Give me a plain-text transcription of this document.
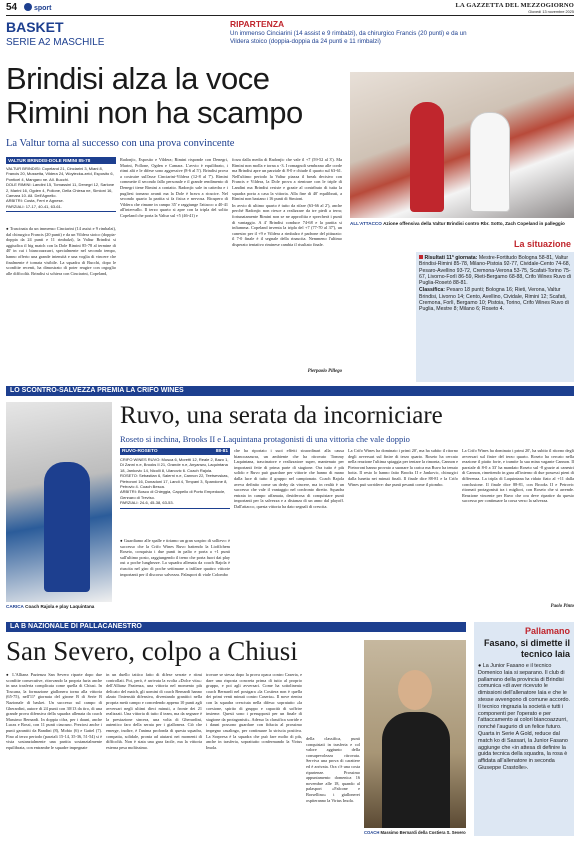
54	sport	LA GAZZETTA DEL MEZZOGIORNO
Giovedì 13 novembre 2025
BASKET
SERIE A2 MASCHILE
RIPARTENZA
Un immenso Cinciarini (14 assist e 9 rimbalzi), da chirurgico Francis (20 punti) e da un Vildera stoico (doppia-doppia da 24 punti e 11 rimbalzi)
Brindisi alza la voce
Rimini non ha scampo
La Valtur torna al successo con una prova convincente
VALTUR BRINDISI-DOLE RIMINI 85-78
VALTUR BRINDISI: Copeland 21, Cinciarini 3, Miani 8, Francis 20, Mussetta, Vildera 24, Woytecka-zeid, Esposito 6, Ponticel 4, Mangaro ne. All. Bucchi.
DOLE RIMINI: Landini 15, Tomassini 11, Denegri 12, Sarlone 2, Marini 16, Ogden 4, Pollone, Della Chiesa ne, Simioni 16, Camara 10. All. Dell'Agnello.
ARBITRI: Costa, Ferri e Agnese.
PARZIALI: 17-17, 40-41, 63-61.
● Trascinata da un immenso Cinciarini (14 assist e 9 rimbalzi), dal chirurgico Francis (20 punti) e da un Vildera stoico (doppia-doppia da 24 punti e 11 rimbalzi), la Valtur Brindisi si aggiudica il big match con la Dole Rimini 85-78 al termine di 40' in cui i biancoazzurri, specialmente nel secondo tempo, hanno offerto una grande intensità e una voglia di vincere che finalmente è tornata visibile. La squadra di Bucchi, dopo le sconfitte recenti, ha dimostrato di poter reagire con orgoglio alle difficoltà. Brindisi si schiera con Cinciarini, Copeland,
Radonjic, Esposito e Vildera; Rimini risponde con Denegri, Marini, Pollone, Ogden e Camara. L'avvio è equilibrato, i ritmi alti e le difese sono aggressive (8-6 al 5'). Brindisi prova a costruire sull'asse Cinciarini-Vildera (12-8 al 7'). Rimini commette il secondo fallo personale e il grande rendimento di Denegri tiene Rimini a contatto. Radonjic sale in cattedra e i pugliesi tornano avanti ma la Dole è brava a ricucire. Nel secondo quarto la partita si fa fisica e nervosa. Ricupero di Vildera che rimane in campo 35' e raggiunge l'attacco a 40-41 all'intervallo. Il terzo quarto si apre con la tripla del solito Copeland che porta la Valtur sul +5 (46-41) e

forza dalla media di Radonjic che vale il +7 (59-52 al 3'). Ma Rimini non molla e torna a -3. I romagnoli sembrano alle corde ma Brindisi apre un parziale di 8-0 e chiude il quarto sul 63-61. Nell'ultimo periodo la Valtur piazza il break decisivo con Francis e Vildera, la Dole prova a rientrare con le triple di Landini ma Brindisi resiste e grazie al contributo di tutta la squadra porta a casa la vittoria. Alla fine di 40' equilibrati, a Rimini non bastano i 16 punti di Simioni.

In avvio di ultimo quarto è tutto da rifare (63-66 al 2'), anche perché Radonjic non riesce a realizzare da tre piedi a terra; fortunatamente Rimini non se ne approfitta e sprecherà i punti di vantaggio. A 4' Brindisi conduce 74-68 e la partita si infiamma. Copeland inventa la tripla del +7 (77-70 al 37'), un canestro per il +9 e Vildera a rimbalzo è padrone del pitturato: il 7-0 finale è il segnale della rinascita. Nemmeno l'ultimo disperato tentativo riminese cambia il risultato finale.

Pierpaolo Pillego
ALL'ATTACCO Azione offensiva della Valtur Brindisi contro Rbr. Sotto, Zach Copeland in palleggio
La situazione
Risultati 11ª giornata: Mestre-Fortitudo Bologna 58-81, Valtur Brindisi-Rimini 85-78, Milano-Pistoia 92-77, Cividale-Cento 74-68, Pesaro-Avellino 93-72, Cremona-Verona 53-75, Scafati-Torino 75-67, Livorno-Forlì 86-59, Rieti-Bergamo 68-88, Crifo Wines Ruvo di Puglia-Rosetó 88-81.
Classifica: Pesaro 18 punti; Bologna 16; Rieti, Verona, Valtur Brindisi, Livorno 14; Cento, Avellino, Cividale, Rimini 12; Scafati, Cremona, Forlì, Bergamo 10; Pistoia, Torino, Crifo Wines Ruvo di Puglia, Mestre 8; Milano 6; Roseto 4.
LO SCONTRO-SALVEZZA PREMIA LA CRIFO WINES
CARICA Coach Rajola e play Laquintana
Ruvo, una serata da incorniciare
Roseto si inchina, Brooks II e Laquintana protagonisti di una vittoria che vale doppio
RUVO-ROSETO	88-81
CRIFO WINES RUVO: Musca 6, Moretti 12, Reale 2, Bazo 1, Di Zanni n.e, Brooks II 21, Grande n.e, Anyanwu, Laquintana 18, Jankovic 14, Nicolli 8, Ulanovic 6. Coach Rajola.
ROSETO: Sebastian 6, Salerni n.e, Cannon 22, Teetsevskas, Pietroroni 16, Donadoni 17, Landi 4, Timpani 3, Spandone 8, Petrovic 4. Coach Besca.
ARBITRI: Bosco di Chieggia, Cappello di Porto Empedocle, Gennaro di Treviso.
PARZIALI: 24-6, 45-38, 63-53.
● Guardiamo alle spalle e tiriamo un gran sospiro di sollievo: è successo che la Crifo Wines Ruvo battendo la Liofilchem Roseto, conquista i due punti in palio e porta a +1 punti sull'ultimo posto, raggiungendo il treno che porta fuori dai play out a poche lunghezze. La squadra allenata da coach Rajola è riuscita nel giro di poche settimane a infilare quattro vittorie importanti per il discorso salvezza. Palasport di viale Colombo
che ha riportato i suoi effetti straordinari alla causa biancoazzurra, un ambiente che ha ritrovato Tommy Laquintana, trascinatore e realizzatore super, mantenuto per importanti fette di prima parte di stagione. Ora tutto è più solido e Ruvo può guardare per vittorie che hanno di mano dalla luce di tutto il gruppo nel campionato. Coach Rajola aveva definito come un derby da vincere, ma in realtà è un successo che vale il vantaggio nel confronto diretto. Squadra entrata in campo affamata, desiderosa di conquistare punti importanti per la salvezza e a distanza di un anno dal playoff. Dall'attacco, questa vittoria ha dato segnali di crescita.
La Crifo Wines ha dominato i primi 20', ma ha subito il ritorno degli avversari sul finire di terzo quarto. Roseto ha cercato nella reazione l'ultima spiaggia per tentare la rimonta, Cannon e Pietroroni hanno provato a suonare la carica ma Ruvo ha tenuto botta. Il resto lo hanno fatto Brooks II e Jankovic, chirurgici dalla lunetta nei minuti finali. Il finale dice 88-81 e la Crifo Wines può sorridere: due punti pesanti come il piombo.
La Crifo Wines ha dominato i primi 20', ha subito il ritorno degli avversari sul finire del terzo quarto. Roseto ha cercato nella reazione il piatto forte, e tramite la sua mina vagante Cannon. Il parziale di 8-0 a 33' ha mandato Roseto sul -8 grazie ai canestri di Cannon, rimettendo in gara all'interno di due possessi pieni di differenza. La tripla di Laquintana ha ridato fiato al +11 dalla conclusione. Il finale dice 88-81, con Brooks II e Petrovic ritornati protagonisti tra i migliori, con Roseto che si arrende. Reazione vincente per Ruvo che ora deve ripartire da questo successo per continuare la corsa verso la salvezza.
Paolo Pinto
LA B NAZIONALE DI PALLACANESTRO
San Severo, colpo a Chiusi
● L'Allianz Pazienza San Severo riparte dopo due sconfitte consecutive, ritrovando la propria furia anche in una trasferta complicata come quella di Chiusi. In Toscana, la formazione giallonera torna alla vittoria (65-75), nell'11ª giornata del girone B di Serie B Nazionale di basket. Un successo sul campo di Gherardini, autore di 24 punti con 30/13 da tiro, di una grande prova difensiva della squadra allenata da coach Massimo Bernardi. In doppia cifra, per i dauni, anche Lucas e Bossi, con 11 punti ciascuno. Preziosi anche i punti garantiti da Bandini (8), Mobio (6) e Gattel (7). Fino al terzo periodo (parziali 15-14, 35-36, 51-54) si è vista sostanzialmente una partita sostanzialmente equilibrata, con entrambe le squadre impegnate
in un duello tattico fatto di difese serrate e ritmi controllati. Poi, però, è arrivata la svolta «Dolce vita»: dell'Allianz Pazienza, una vittoria nel momento più delicato del match, gli uomini di coach Bernardi hanno alzato l'intensità difensiva, diventando granitici nella propria metà campo e concedendo appena 10 punti agli avversari negli ultimi dieci minuti, a fronte dei 21 realizzati. Una vittoria di tutto il team, ma da segnare è la prestazione sincera, una volta di Gherardini, autentico faro della serata per i giallonera. Ciò che emerge, inoltre, è l'anima profonda di questa squadra, compatta, solidale, pronta ad aiutarsi nei momenti di difficoltà. Non è stata una gara facile, ma la vittoria esterna pesa moltissimo.
trovare se stessa dopo la prova opaca contro Caserta, e dare una risposta concreta prima di tutto al proprio gruppo, e poi agli avversari. Come ha sottolineato coach Bernardi nel postgara «la Costiera non è quella dei primi venti minuti contro Caserta». Il nove rientra con la squadra cresciuta nella difesa: sopratutto «la coesione, spirito di gruppo e capacità di soffrire insieme. Questi sono i presupposti per un finale di stagione da protagonisti». Adesso la classifica sorride e i dauni possono guardare con fiducia al prossimo impegno casalingo, per continuare la striscia positiva. La Sorpresa è la squadra che può fare molto di più, anche in trasferta, soprattutto confermando la Virtus Imola.
della classifica, punti conquistati in trasferta e col valore aggiunto della consapevolezza ritrovata. Serviva una prova di carattere ed è arrivata. Ora c'è una costa ripartenze. Prossimo appuntamento domenica 16 novembre alle 18, quando al palasport «Falcone e Borsellino» i giallonerei ospiteranno la Virtus Imola.
COACH Massimo Bernardi della Costiera S. Severo
Pallamano
Fasano, si dimette il tecnico Iaia
● La Junior Fasano e il tecnico Domenico Iaia si separano. Il club di pallamano della provincia di Brindisi comunica «di aver ricevuto le dimissioni dell'allenatore Iaia e che le stesse avvengono di comune accordo. Il tecnico ringrazia la società e tutti i componenti per l'operato e per l'attaccamento ai colori biancoazzurri, nonché l'augurio di un felice futuro. Quarta in Serie A Gold, reduce dal match ko di Sassari, la Junior Fasano aggiunge che «in attesa di definire la guida tecnica della squadra, la rosa è affidata all'allenatore in seconda Giuseppe Crastolle».
